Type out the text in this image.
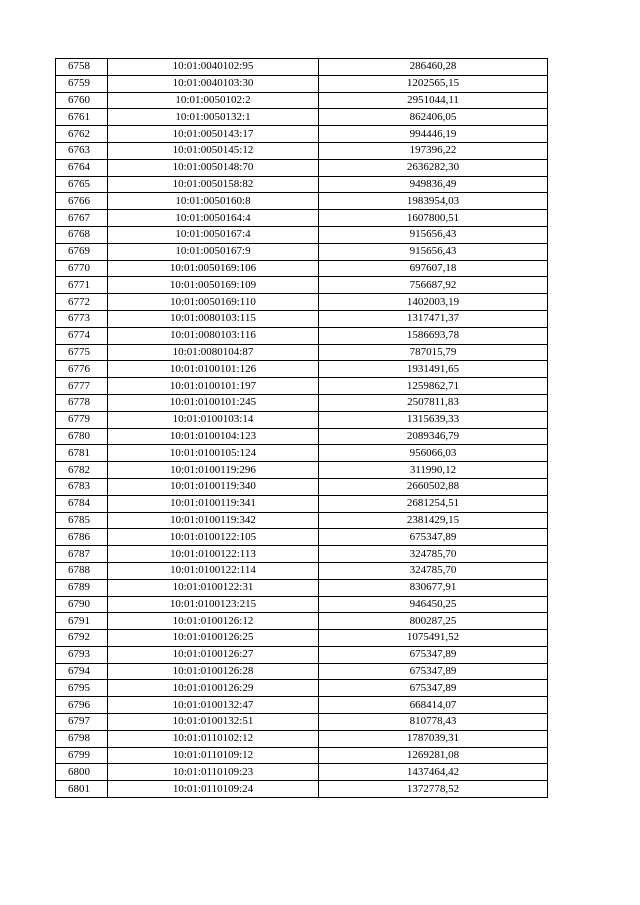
6758	10:01:0040102:95	286460,28
6759	10:01:0040103:30	1202565,15
6760	10:01:0050102:2	2951044,11
6761	10:01:0050132:1	862406,05
6762	10:01:0050143:17	994446,19
6763	10:01:0050145:12	197396,22
6764	10:01:0050148:70	2636282,30
6765	10:01:0050158:82	949836,49
6766	10:01:0050160:8	1983954,03
6767	10:01:0050164:4	1607800,51
6768	10:01:0050167:4	915656,43
6769	10:01:0050167:9	915656,43
6770	10:01:0050169:106	697607,18
6771	10:01:0050169:109	756687,92
6772	10:01:0050169:110	1402003,19
6773	10:01:0080103:115	1317471,37
6774	10:01:0080103:116	1586693,78
6775	10:01:0080104:87	787015,79
6776	10:01:0100101:126	1931491,65
6777	10:01:0100101:197	1259862,71
6778	10:01:0100101:245	2507811,83
6779	10:01:0100103:14	1315639,33
6780	10:01:0100104:123	2089346,79
6781	10:01:0100105:124	956066,03
6782	10:01:0100119:296	311990,12
6783	10:01:0100119:340	2660502,88
6784	10:01:0100119:341	2681254,51
6785	10:01:0100119:342	2381429,15
6786	10:01:0100122:105	675347,89
6787	10:01:0100122:113	324785,70
6788	10:01:0100122:114	324785,70
6789	10:01:0100122:31	830677,91
6790	10:01:0100123:215	946450,25
6791	10:01:0100126:12	800287,25
6792	10:01:0100126:25	1075491,52
6793	10:01:0100126:27	675347,89
6794	10:01:0100126:28	675347,89
6795	10:01:0100126:29	675347,89
6796	10:01:0100132:47	668414,07
6797	10:01:0100132:51	810778,43
6798	10:01:0110102:12	1787039,31
6799	10:01:0110109:12	1269281,08
6800	10:01:0110109:23	1437464,42
6801	10:01:0110109:24	1372778,52
